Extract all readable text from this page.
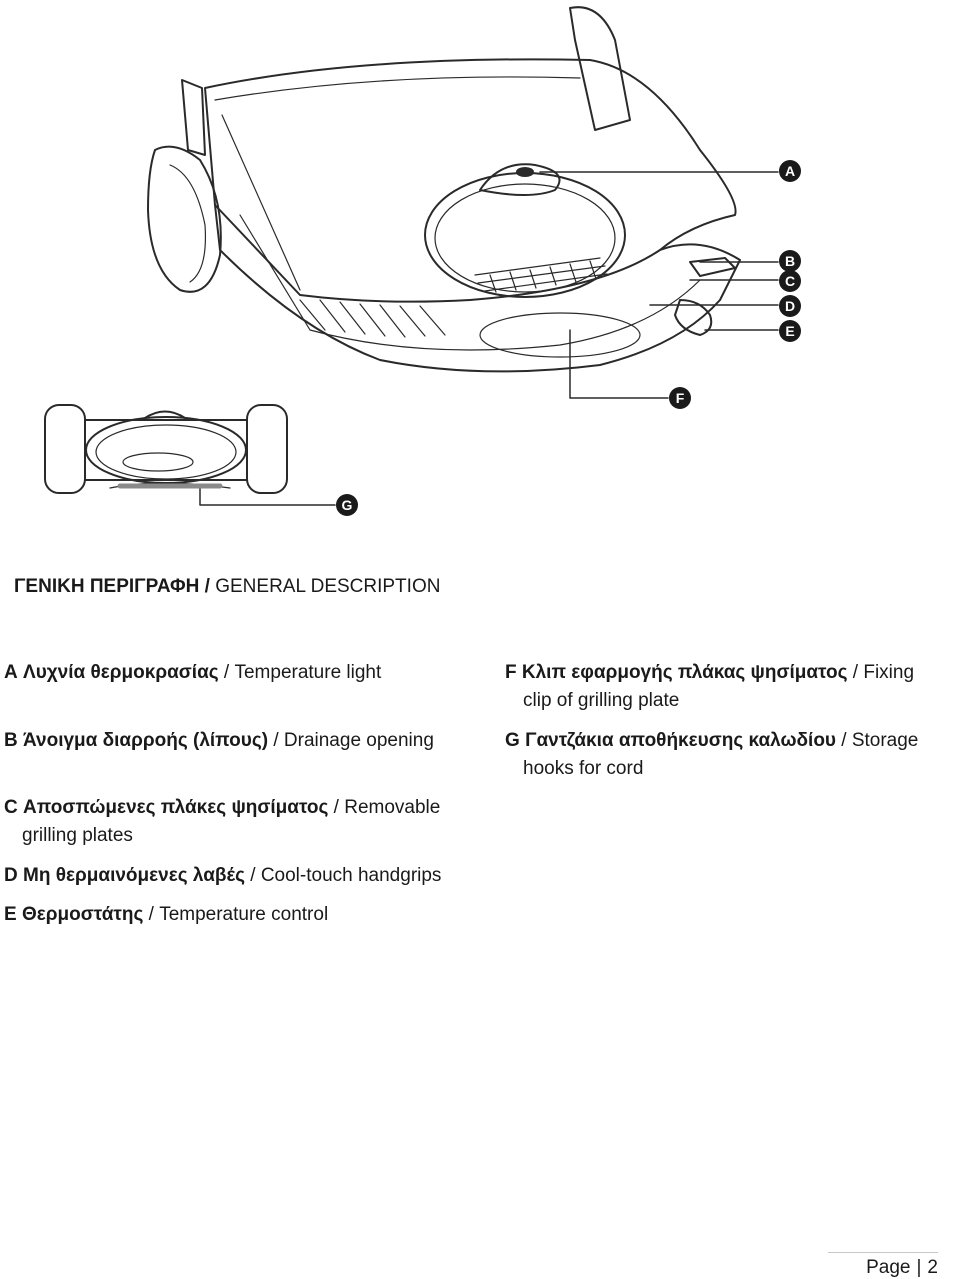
A
B
C
D
E
F
G

ΓΕΝΙΚΗ ΠΕΡΙΓΡΑΦΗ / GENERAL DESCRIPTION

A Λυχνία θερμοκρασίας / Temperature light

B Άνοιγμα διαρροής (λίπους) / Drainage opening

C Αποσπώμενες πλάκες ψησίματος / Removable
grilling plates

D Μη θερμαινόμενες λαβές / Cool-touch handgrips

E Θερμοστάτης / Temperature control

F Κλιπ εφαρμογής πλάκας ψησίματος / Fixing
clip of grilling plate

G Γαντζάκια αποθήκευσης καλωδίου / Storage
hooks for cord

Page | 2
